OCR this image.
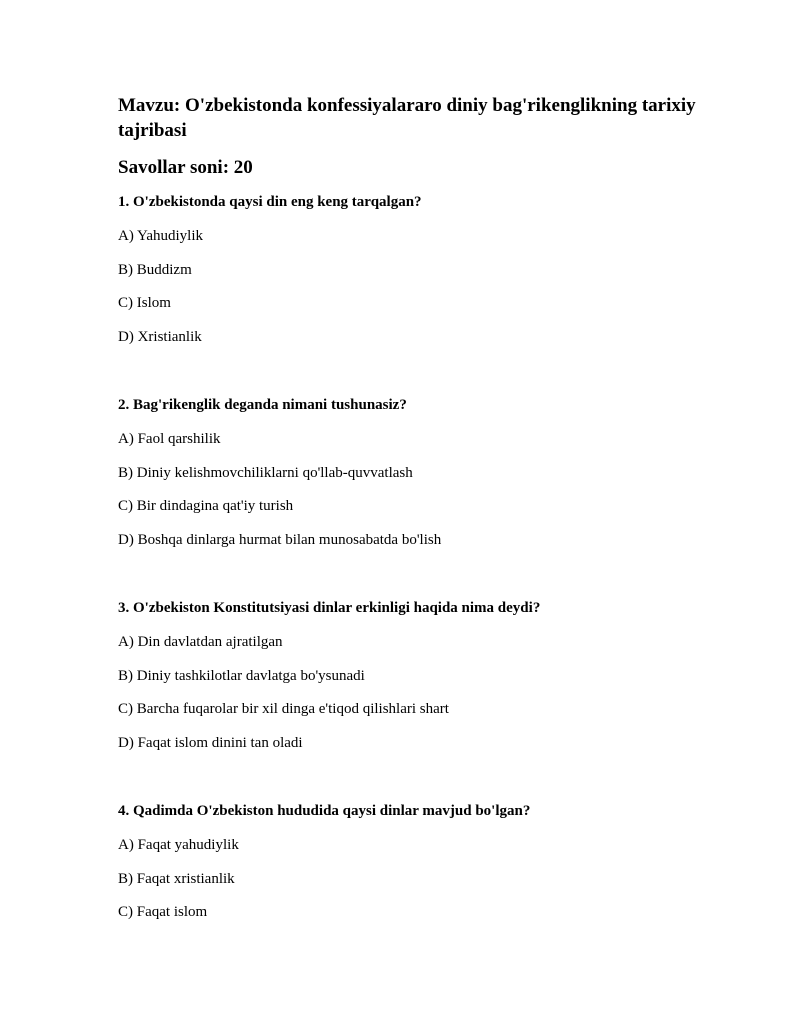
Mavzu: O'zbekistonda konfessiyalararo diniy bag'rikenglikning tarixiy tajribasi
Savollar soni: 20

1. O'zbekistonda qaysi din eng keng tarqalgan?

A) Yahudiylik

B) Buddizm

C) Islom

D) Xristianlik

2. Bag'rikenglik deganda nimani tushunasiz?

A) Faol qarshilik

B) Diniy kelishmovchiliklarni qo'llab-quvvatlash

C) Bir dindagina qat'iy turish

D) Boshqa dinlarga hurmat bilan munosabatda bo'lish

3. O'zbekiston Konstitutsiyasi dinlar erkinligi haqida nima deydi?

A) Din davlatdan ajratilgan

B) Diniy tashkilotlar davlatga bo'ysunadi

C) Barcha fuqarolar bir xil dinga e'tiqod qilishlari shart

D) Faqat islom dinini tan oladi

4. Qadimda O'zbekiston hududida qaysi dinlar mavjud bo'lgan?

A) Faqat yahudiylik

B) Faqat xristianlik

C) Faqat islom
